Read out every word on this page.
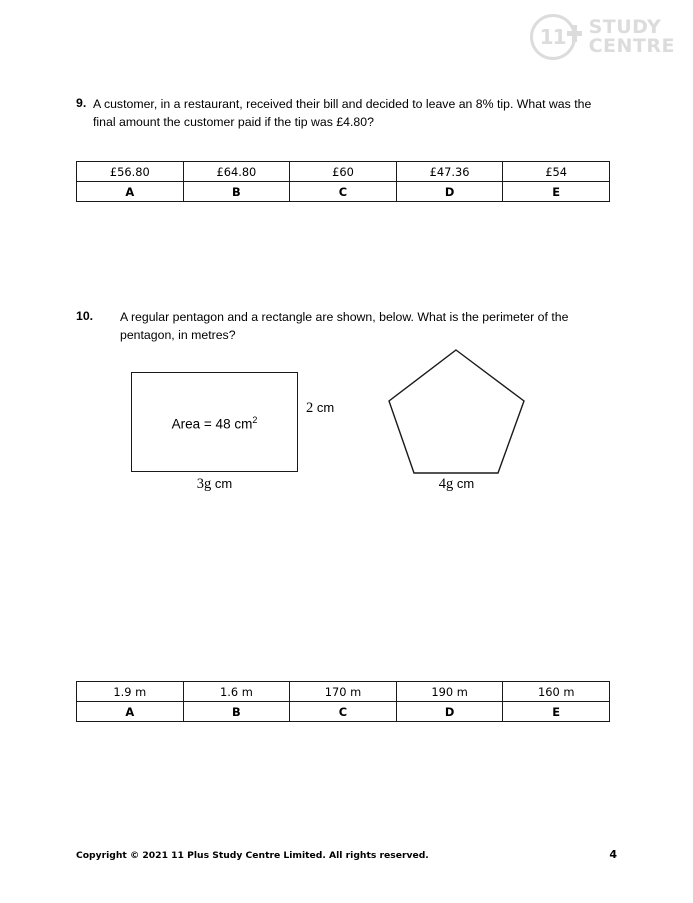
11	STUDY
CENTRE
9. A customer, in a restaurant, received their bill and decided to leave an 8% tip. What was the final amount the customer paid if the tip was £4.80?
£56.80	£64.80	£60	£47.36	£54
A	B	C	D	E
10.	A regular pentagon and a rectangle are shown, below. What is the perimeter of the pentagon, in metres?
Area = 48 $cm^2$
2 cm
3g cm	4g cm
1.9 m	1.6 m	170 m	190 m	160 m
A	B	C	D	E
Copyright © 2021 11 Plus Study Centre Limited. All rights reserved.	4
